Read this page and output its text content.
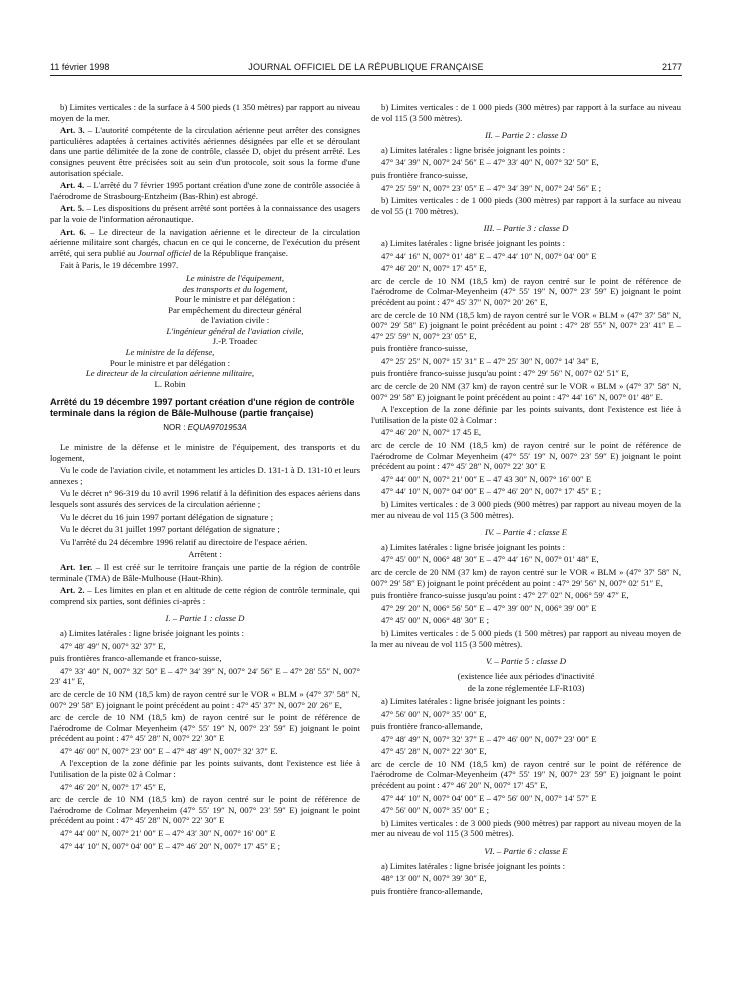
11 février 1998	JOURNAL OFFICIEL DE LA RÉPUBLIQUE FRANÇAISE	2177

b) Limites verticales : de la surface à 4 500 pieds (1 350 mètres) par rapport au niveau moyen de la mer.

Art. 3. – L'autorité compétente de la circulation aérienne peut arrêter des consignes particulières adaptées à certaines activités aériennes désignées par elle et se déroulant dans une partie délimitée de la zone de contrôle, classée D, objet du présent arrêté. Les consignes peuvent être précisées soit au sein d'un protocole, soit sous la forme d'une autorisation spéciale.

Art. 4. – L'arrêté du 7 février 1995 portant création d'une zone de contrôle associée à l'aérodrome de Strasbourg-Entzheim (Bas-Rhin) est abrogé.

Art. 5. – Les dispositions du présent arrêté sont portées à la connaissance des usagers par la voie de l'information aéronautique.

Art. 6. – Le directeur de la navigation aérienne et le directeur de la circulation aérienne militaire sont chargés, chacun en ce qui le concerne, de l'exécution du présent arrêté, qui sera publié au Journal officiel de la République française.

Fait à Paris, le 19 décembre 1997.

Le ministre de l'équipement,

des transports et du logement,

Pour le ministre et par délégation :

Par empêchement du directeur général

de l'aviation civile :

L'ingénieur général de l'aviation civile,

J.-P. Troadec

Le ministre de la défense,

Pour le ministre et par délégation :

Le directeur de la circulation aérienne militaire,

L. Robin

Arrêté du 19 décembre 1997 portant création d'une région de contrôle terminale dans la région de Bâle-Mulhouse (partie française)

NOR : EQUA9701953A

Le ministre de la défense et le ministre de l'équipement, des transports et du logement,

Vu le code de l'aviation civile, et notamment les articles D. 131-1 à D. 131-10 et leurs annexes ;

Vu le décret n° 96-319 du 10 avril 1996 relatif à la définition des espaces aériens dans lesquels sont assurés des services de la circulation aérienne ;

Vu le décret du 16 juin 1997 portant délégation de signature ;

Vu le décret du 31 juillet 1997 portant délégation de signature ;

Vu l'arrêté du 24 décembre 1996 relatif au directoire de l'espace aérien.

Arrêtent :

Art. 1er. – Il est créé sur le territoire français une partie de la région de contrôle terminale (TMA) de Bâle-Mulhouse (Haut-Rhin).

Art. 2. – Les limites en plan et en altitude de cette région de contrôle terminale, qui comprend six parties, sont définies ci-après :

I. – Partie 1 : classe D

a) Limites latérales : ligne brisée joignant les points :

47° 48′ 49″ N, 007° 32′ 37″ E,

puis frontières franco-allemande et franco-suisse,

47° 33′ 40″ N, 007° 32′ 50″ E – 47° 34′ 39″ N, 007° 24′ 56″ E – 47° 28′ 55″ N, 007° 23′ 41″ E,

arc de cercle de 10 NM (18,5 km) de rayon centré sur le VOR « BLM » (47° 37′ 58″ N, 007° 29′ 58″ E) joignant le point précédent au point : 47° 45′ 37″ N, 007° 20′ 26″ E,

arc de cercle de 10 NM (18,5 km) de rayon centré sur le point de référence de l'aérodrome de Colmar Meyenheim (47° 55′ 19″ N, 007° 23′ 59″ E) joignant le point précédent au point : 47° 45′ 28″ N, 007° 22′ 30″ E

47° 46′ 00″ N, 007° 23′ 00″ E – 47° 48′ 49″ N, 007° 32′ 37″ E.

A l'exception de la zone définie par les points suivants, dont l'existence est liée à l'utilisation de la piste 02 à Colmar :

47° 46′ 20″ N, 007° 17′ 45″ E,

arc de cercle de 10 NM (18,5 km) de rayon centré sur le point de référence de l'aérodrome de Colmar Meyenheim (47° 55′ 19″ N, 007° 23′ 59″ E) joignant le point précédent au point : 47° 45′ 28″ N, 007° 22′ 30″ E

47° 44′ 00″ N, 007° 21′ 00″ E – 47° 43′ 30″ N, 007° 16′ 00″ E

47° 44′ 10″ N, 007° 04′ 00″ E – 47° 46′ 20″ N, 007° 17′ 45″ E ;

b) Limites verticales : de 1 000 pieds (300 mètres) par rapport à la surface au niveau de vol 115 (3 500 mètres).

II. – Partie 2 : classe D

a) Limites latérales : ligne brisée joignant les points :

47° 34′ 39″ N, 007° 24′ 56″ E – 47° 33′ 40″ N, 007° 32′ 50″ E,

puis frontière franco-suisse,

47° 25′ 59″ N, 007° 23′ 05″ E – 47° 34′ 39″ N, 007° 24′ 56″ E ;

b) Limites verticales : de 1 000 pieds (300 mètres) par rapport à la surface au niveau de vol 55 (1 700 mètres).

III. – Partie 3 : classe D

a) Limites latérales : ligne brisée joignant les points :

47° 44′ 16″ N, 007° 01′ 48″ E – 47° 44′ 10″ N, 007° 04′ 00″ E

47° 46′ 20″ N, 007° 17′ 45″ E,

arc de cercle de 10 NM (18,5 km) de rayon centré sur le point de référence de l'aérodrome de Colmar-Meyenheim (47° 55′ 19″ N, 007° 23′ 59″ E) joignant le point précédent au point : 47° 45′ 37″ N, 007° 20′ 26″ E,

arc de cercle de 10 NM (18,5 km) de rayon centré sur le VOR « BLM » (47° 37′ 58″ N, 007° 29′ 58″ E) joignant le point précédent au point : 47° 28′ 55″ N, 007° 23′ 41″ E – 47° 25′ 59″ N, 007° 23′ 05″ E,

puis frontière franco-suisse,

47° 25′ 25″ N, 007° 15′ 31″ E – 47° 25′ 30″ N, 007° 14′ 34″ E,

puis frontière franco-suisse jusqu'au point : 47° 29′ 56″ N, 007° 02′ 51″ E,

arc de cercle de 20 NM (37 km) de rayon centré sur le VOR « BLM » (47° 37′ 58″ N, 007° 29′ 58″ E) joignant le point précédent au point : 47° 44′ 16″ N, 007° 01′ 48″ E.

A l'exception de la zone définie par les points suivants, dont l'existence est liée à l'utilisation de la piste 02 à Colmar :

47° 46′ 20″ N, 007° 17 45 E,

arc de cercle de 10 NM (18,5 km) de rayon centré sur le point de référence de l'aérodrome de Colmar Meyenheim (47° 55′ 19″ N, 007° 23′ 59″ E) joignant le point précédent au point : 47° 45′ 28″ N, 007° 22′ 30″ E

47° 44′ 00″ N, 007° 21′ 00″ E – 47 43 30″ N, 007° 16′ 00″ E

47° 44′ 10″ N, 007° 04′ 00″ E – 47° 46′ 20″ N, 007° 17′ 45″ E ;

b) Limites verticales : de 3 000 pieds (900 mètres) par rapport au niveau moyen de la mer au niveau de vol 115 (3 500 mètres).

IV. – Partie 4 : classe E

a) Limites latérales : ligne brisée joignant les points :

47° 45′ 00″ N, 006° 48′ 30″ E – 47° 44′ 16″ N, 007° 01′ 48″ E,

arc de cercle de 20 NM (37 km) de rayon centré sur le VOR « BLM » (47° 37′ 58″ N, 007° 29′ 58″ E) joignant le point précédent au point : 47° 29′ 56″ N, 007° 02′ 51″ E,

puis frontière franco-suisse jusqu'au point : 47° 27′ 02″ N, 006° 59′ 47″ E,

47° 29′ 20″ N, 006° 56′ 50″ E – 47° 39′ 00″ N, 006° 39′ 00″ E

47° 45′ 00″ N, 006° 48′ 30″ E ;

b) Limites verticales : de 5 000 pieds (1 500 mètres) par rapport au niveau moyen de la mer au niveau de vol 115 (3 500 mètres).

V. – Partie 5 : classe D

(existence liée aux périodes d'inactivité

de la zone réglementée LF-R103)

a) Limites latérales : ligne brisée joignant les points :

47° 56′ 00″ N, 007° 35′ 00″ E,

puis frontière franco-allemande,

47° 48′ 49″ N, 007° 32′ 37″ E – 47° 46′ 00″ N, 007° 23′ 00″ E

47° 45′ 28″ N, 007° 22′ 30″ E,

arc de cercle de 10 NM (18,5 km) de rayon centré sur le point de référence de l'aérodrome de Colmar-Meyenheim (47° 55′ 19″ N, 007° 23′ 59″ E) joignant le point précédent au point : 47° 46′ 20″ N, 007° 17′ 45″ E,

47° 44′ 10″ N, 007° 04′ 00″ E – 47° 56′ 00″ N, 007° 14′ 57″ E

47° 56′ 00″ N, 007° 35′ 00″ E ;

b) Limites verticales : de 3 000 pieds (900 mètres) par rapport au niveau moyen de la mer au niveau de vol 115 (3 500 mètres).

VI. – Partie 6 : classe E

a) Limites latérales : ligne brisée joignant les points :

48° 13′ 00″ N, 007° 39′ 30″ E,

puis frontière franco-allemande,
